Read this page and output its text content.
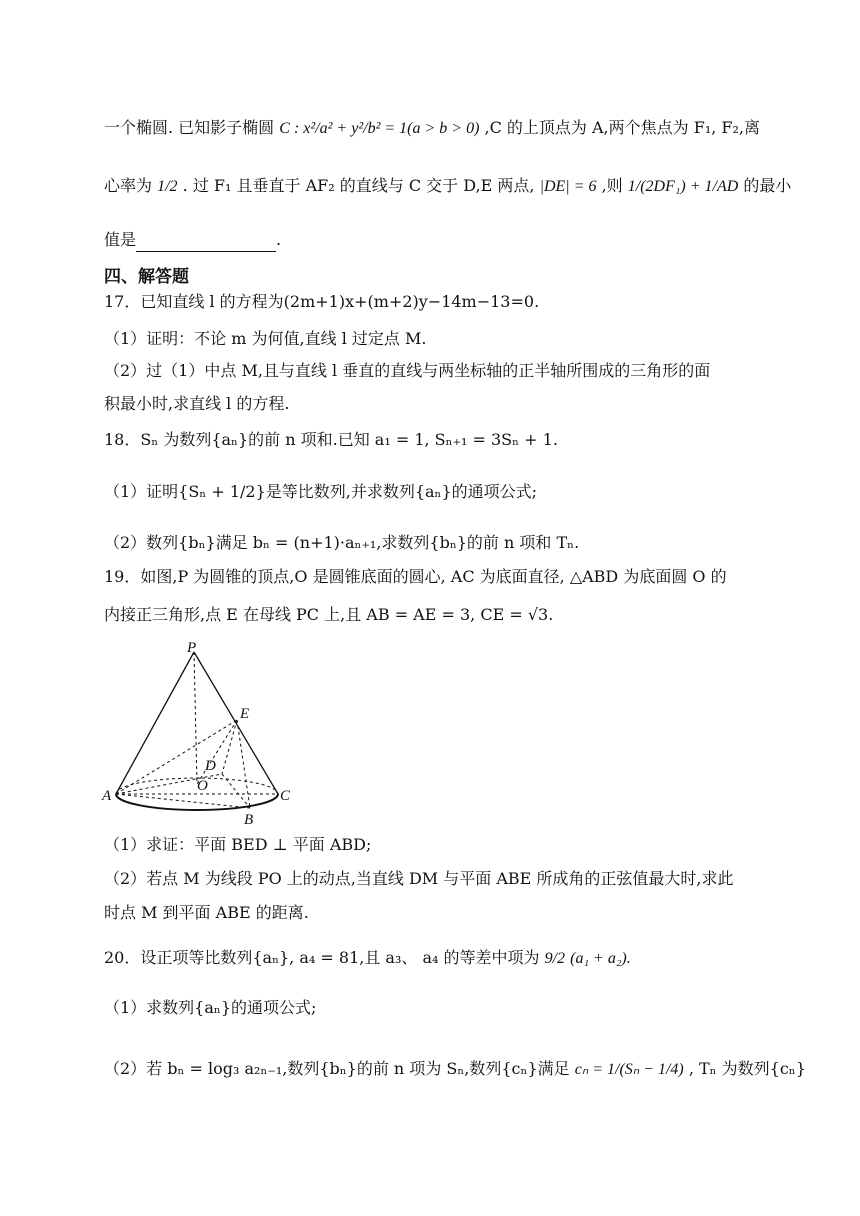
一个椭圆. 已知影子椭圆 C : x²/a² + y²/b² = 1(a > b > 0) ,C 的上顶点为 A,两个焦点为 F₁, F₂,离
心率为 1/2 . 过 F₁ 且垂直于 AF₂ 的直线与 C 交于 D,E 两点, |DE| = 6 ,则 1/(2DF₁) + 1/AD 的最小
值是	.
四、解答题
17．已知直线 l 的方程为(2m+1)x+(m+2)y−14m−13=0.
（1）证明：不论 m 为何值,直线 l 过定点 M.
（2）过（1）中点 M,且与直线 l 垂直的直线与两坐标轴的正半轴所围成的三角形的面
积最小时,求直线 l 的方程.
18．Sₙ 为数列{aₙ}的前 n 项和.已知 a₁ = 1, Sₙ₊₁ = 3Sₙ + 1.
（1）证明{Sₙ + 1/2}是等比数列,并求数列{aₙ}的通项公式;
（2）数列{bₙ}满足 bₙ = (n+1)·aₙ₊₁,求数列{bₙ}的前 n 项和 Tₙ.
19．如图,P 为圆锥的顶点,O 是圆锥底面的圆心, AC 为底面直径, △ABD 为底面圆 O 的
内接正三角形,点 E 在母线 PC 上,且 AB = AE = 3, CE = √3.
P
E
D
O
A
B
C
（1）求证：平面 BED ⊥ 平面 ABD;
（2）若点 M 为线段 PO 上的动点,当直线 DM 与平面 ABE 所成角的正弦值最大时,求此
时点 M 到平面 ABE 的距离.
20．设正项等比数列{aₙ}, a₄ = 81,且 a₃、 a₄ 的等差中项为 9/2 (a₁ + a₂).
（1）求数列{aₙ}的通项公式;
（2）若 bₙ = log₃ a₂ₙ₋₁,数列{bₙ}的前 n 项为 Sₙ,数列{cₙ}满足 cₙ = 1/(Sₙ − 1/4) , Tₙ 为数列{cₙ}
